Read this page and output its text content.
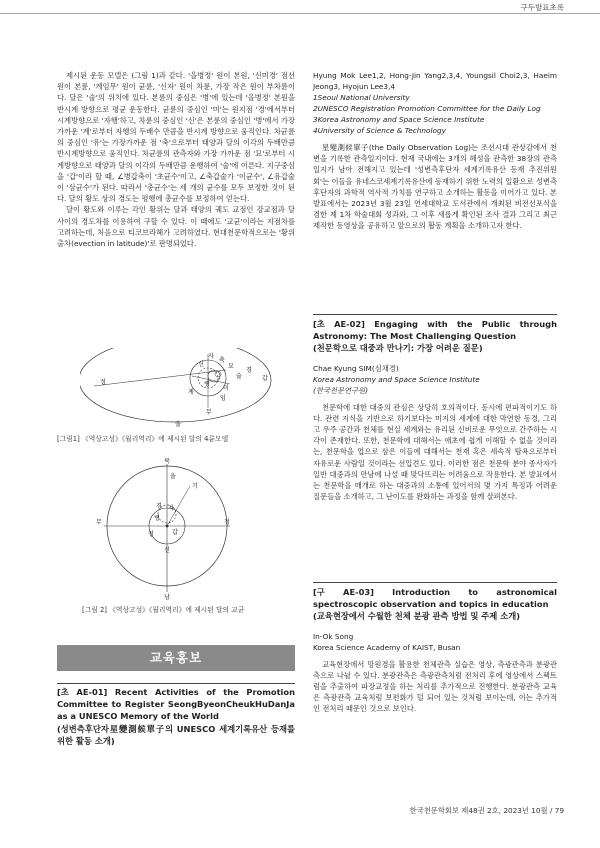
구두발표초록

제시된 운동 모델은 (그림 1)과 같다. '을병정' 원이 본원, '신미경' 점선 원이 본륜, '계임무' 원이 균륜, '신자' 원이 차륜, 가장 작은 원이 부차륜이다. 달은 '술'의 위치에 있다. 본륜의 중심은 '병'에 있는데 '을병정' 본원을 반시계 방향으로 평균 운동한다. 균륜의 중심인 '미'는 원지점 '경'에서부터 시계방향으로 '자행'하고, 차륜의 중심인 '신'은 본륜의 중심인 '병'에서 가장 가까운 '계'로부터 자행의 두배수 만큼을 반시계 방향으로 움직인다. 차균륜의 중심인 '유'는 가장가까운 점 '축'으로부터 태양과 달의 이각의 두배만큼 반시계방향으로 움직인다. 차균륜의 관측자와 가장 가까운 점 '묘'로부터 시계방향으로 태양과 달의 이각의 두배만큼 운행하여 '술'에 이른다. 지구중심을 '갑'이라 할 때, ∠병갑축이 '초균수'이고, ∠축갑술가 '이균수', ∠유갑술이 '삼균수'가 된다. 따라서 '총균수'는 세 개의 균수를 모두 보정한 것이 된다. 달의 황도 상의 경도는 평행에 총균수를 보정하여 얻는다.

달이 황도와 이루는 각인 황위는 달과 태양의 궤도 교점인 강교점과 달 사이의 경도차를 이용하여 구할 수 있다. 이 때에도 '교균'이라는 지점차를 고려하는데, 처음으로 티코브라헤가 고려하였다. 현대천문학적으로는 '황위출차(evection in latitude)'로 판명되었다.

을
정	병
신
미
경
계
임
무
자
축
묘
술	갑
[그림1] 《역상고성》《월리역리》에 제시된 달의 4륜모델
북
을
무
기
경 자
정
신
병
갑
정
남
[그림 2] 《역상고성》《월리역리》에 제시된 달의 교균
교육홍보
[초 AE-01] Recent Activities of the Promotion Committee to Register SeongByeonCheukHuDanJa as a UNESCO Memory of the World
(성변측후단자星變測候單子의 UNESCO 세계기록유산 등재를 위한 활동 소개)
Hyung Mok Lee1,2, Hong-Jin Yang2,3,4, Youngsil Choi2,3, Haeim Jeong3, Hyojun Lee3,4
1Seoul National University
2UNESCO Registration Promotion Committee for the Daily Log
3Korea Astronomy and Space Science Institute
4University of Science & Technology

星變測候單子(the Daily Observation Log)는 조선시대 관상감에서 천변을 기록한 관측일지이다. 현재 국내에는 3개의 혜성을 관측한 38장의 관측일지가 남아 전해지고 있는데 '성변측후단자 세계기록유산 등재 추진위원회'는 이들을 유네스코세계기록유산에 등재하기 위한 노력의 일환으로 성변측후단자의 과학적 역사적 가치를 연구하고 소개하는 활동을 이어가고 있다. 본 발표에서는 2023년 3월 23일 연세대학교 도서관에서 개최된 비전선포식을 겸한 제 1차 학술대회 성과와, 그 이후 새롭게 확인된 조사 결과 그리고 최근 제작한 동영상을 공유하고 앞으로의 활동 계획을 소개하고자 한다.

[초 AE-02] Engaging with the Public through Astronomy: The Most Challenging Question
(천문학으로 대중과 만나기: 가장 어려운 질문)
Chae Kyung SIM(심채경)
Korea Astronomy and Space Science Institute
(한국천문연구원)

천문학에 대한 대중의 관심은 상당히 호의적이다. 동시에 편파적이기도 하다. 관련 지식을 기반으로 하기보다는 미지의 세계에 대한 막연한 동경, 그리고 우주 공간과 천체를 현실 세계와는 유리된 신비로운 무엇으로 간주하는 시각이 존재한다. 또한, 천문학에 대해서는 애초에 쉽게 이해할 수 없을 것이라는, 천문학을 업으로 삼은 이들에 대해서는 천재 혹은 세속적 탐욕으로부터 자유로운 사람일 것이라는 선입견도 있다. 이러한 점은 천문학 분야 종사자가 일반 대중과의 만남에 나설 때 맞닥뜨리는 어려움으로 작용한다. 본 발표에서는 천문학을 매개로 하는 대중과의 소통에 있어서의 몇 가지 특징과 어려운 질문들을 소개하고, 그 난이도를 완화하는 과정을 함께 살펴본다.

[구 AE-03] Introduction to astronomical spectroscopic observation and topics in education
(교육현장에서 수월한 천체 분광 관측 방법 및 주제 소개)
In-Ok Song
Korea Science Academy of KAIST, Busan

교육현장에서 망원경을 활용한 천체관측 실습은 영상, 측광관측과 분광관측으로 나뉠 수 있다. 분광관측은 측광관측처럼 전처리 후에 영상에서 스펙트럼을 추출하여 파장교정을 하는 처리를 추가적으로 진행한다. 분광관측 교육은 측광관측 교육처럼 보편화가 덜 되어 있는 것처럼 보이는데, 이는 추가적인 전처리 때문인 것으로 보인다.

한국천문학회보 제48권 2호, 2023년 10월 / 79
